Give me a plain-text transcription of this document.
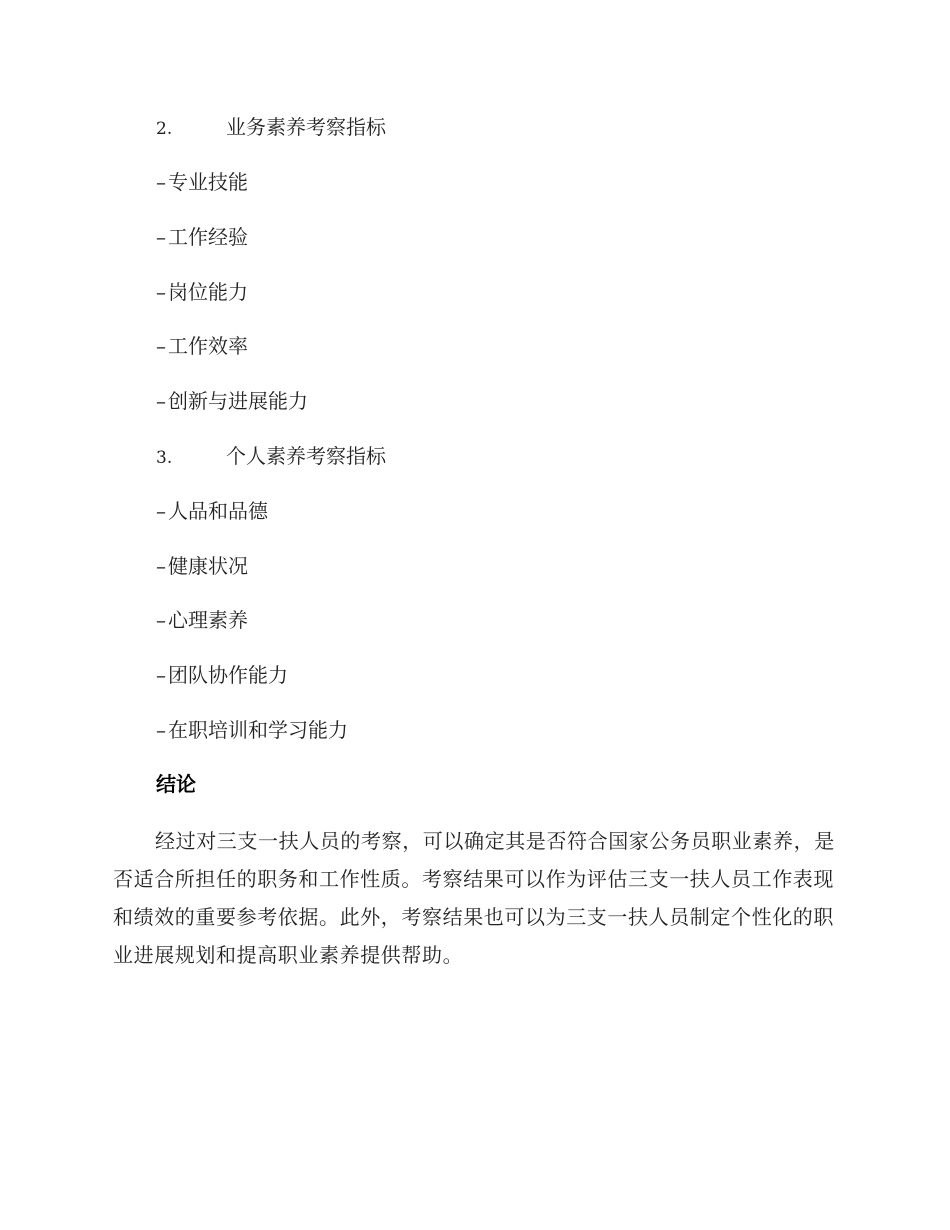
2.	业务素养考察指标
– 专业技能
– 工作经验
– 岗位能力
– 工作效率
– 创新与进展能力
3.	个人素养考察指标
– 人品和品德
– 健康状况
– 心理素养
– 团队协作能力
– 在职培训和学习能力
结论

经过对三支一扶人员的考察，可以确定其是否符合国家公务员职业素养，是否适合所担任的职务和工作性质。考察结果可以作为评估三支一扶人员工作表现和绩效的重要参考依据。此外，考察结果也可以为三支一扶人员制定个性化的职业进展规划和提高职业素养提供帮助。
